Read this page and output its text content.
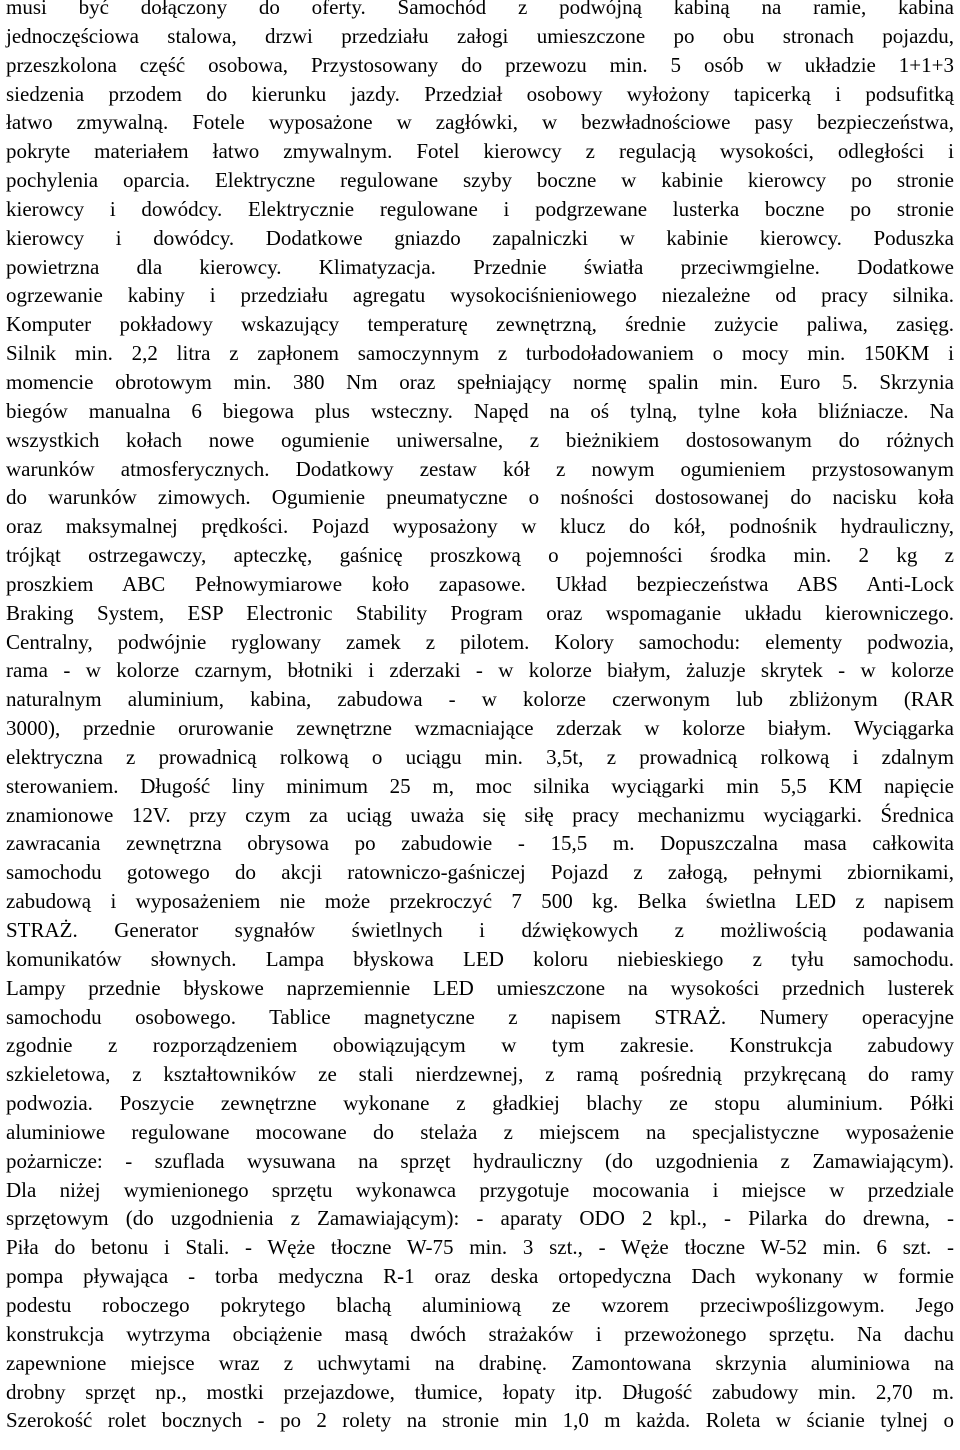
musi być dołączony do oferty. Samochód z podwójną kabiną na ramie, kabina
jednoczęściowa stalowa, drzwi przedziału załogi umieszczone po obu stronach pojazdu,
przeszkolona część osobowa, Przystosowany do przewozu min. 5 osób w układzie 1+1+3
siedzenia przodem do kierunku jazdy. Przedział osobowy wyłożony tapicerką i podsufitką
łatwo zmywalną. Fotele wyposażone w zagłówki, w bezwładnościowe pasy bezpieczeństwa,
pokryte materiałem łatwo zmywalnym. Fotel kierowcy z regulacją wysokości, odległości i
pochylenia oparcia. Elektryczne regulowane szyby boczne w kabinie kierowcy po stronie
kierowcy i dowódcy. Elektrycznie regulowane i podgrzewane lusterka boczne po stronie
kierowcy i dowódcy. Dodatkowe gniazdo zapalniczki w kabinie kierowcy. Poduszka
powietrzna dla kierowcy. Klimatyzacja. Przednie światła przeciwmgielne. Dodatkowe
ogrzewanie kabiny i przedziału agregatu wysokociśnieniowego niezależne od pracy silnika.
Komputer pokładowy wskazujący temperaturę zewnętrzną, średnie zużycie paliwa, zasięg.
Silnik min. 2,2 litra z zapłonem samoczynnym z turbodoładowaniem o mocy min. 150KM i
momencie obrotowym min. 380 Nm oraz spełniający normę spalin min. Euro 5. Skrzynia
biegów manualna 6 biegowa plus wsteczny. Napęd na oś tylną, tylne koła bliźniacze. Na
wszystkich kołach nowe ogumienie uniwersalne, z bieżnikiem dostosowanym do różnych
warunków atmosferycznych. Dodatkowy zestaw kół z nowym ogumieniem przystosowanym
do warunków zimowych. Ogumienie pneumatyczne o nośności dostosowanej do nacisku koła
oraz maksymalnej prędkości. Pojazd wyposażony w klucz do kół, podnośnik hydrauliczny,
trójkąt ostrzegawczy, apteczkę, gaśnicę proszkową o pojemności środka min. 2 kg z
proszkiem ABC Pełnowymiarowe koło zapasowe. Układ bezpieczeństwa ABS Anti-Lock
Braking System, ESP Electronic Stability Program oraz wspomaganie układu kierowniczego.
Centralny, podwójnie ryglowany zamek z pilotem. Kolory samochodu: elementy podwozia,
rama - w kolorze czarnym, błotniki i zderzaki - w kolorze białym, żaluzje skrytek - w kolorze
naturalnym aluminium, kabina, zabudowa - w kolorze czerwonym lub zbliżonym (RAR
3000), przednie orurowanie zewnętrzne wzmacniające zderzak w kolorze białym. Wyciągarka
elektryczna z prowadnicą rolkową o uciągu min. 3,5t, z prowadnicą rolkową i zdalnym
sterowaniem. Długość liny minimum 25 m, moc silnika wyciągarki min 5,5 KM napięcie
znamionowe 12V. przy czym za uciąg uważa się siłę pracy mechanizmu wyciągarki. Średnica
zawracania zewnętrzna obrysowa po zabudowie - 15,5 m. Dopuszczalna masa całkowita
samochodu gotowego do akcji ratowniczo-gaśniczej Pojazd z załogą, pełnymi zbiornikami,
zabudową i wyposażeniem nie może przekroczyć 7 500 kg. Belka świetlna LED z napisem
STRAŻ. Generator sygnałów świetlnych i dźwiękowych z możliwością podawania
komunikatów słownych. Lampa błyskowa LED koloru niebieskiego z tyłu samochodu.
Lampy przednie błyskowe naprzemiennie LED umieszczone na wysokości przednich lusterek
samochodu osobowego. Tablice magnetyczne z napisem STRAŻ. Numery operacyjne
zgodnie z rozporządzeniem obowiązującym w tym zakresie. Konstrukcja zabudowy
szkieletowa, z kształtowników ze stali nierdzewnej, z ramą pośrednią przykręcaną do ramy
podwozia. Poszycie zewnętrzne wykonane z gładkiej blachy ze stopu aluminium. Półki
aluminiowe regulowane mocowane do stelaża z miejscem na specjalistyczne wyposażenie
pożarnicze: - szuflada wysuwana na sprzęt hydrauliczny (do uzgodnienia z Zamawiającym).
Dla niżej wymienionego sprzętu wykonawca przygotuje mocowania i miejsce w przedziale
sprzętowym (do uzgodnienia z Zamawiającym): - aparaty ODO 2 kpl., - Pilarka do drewna, -
Piła do betonu i Stali. - Węże tłoczne W-75 min. 3 szt., - Węże tłoczne W-52 min. 6 szt. -
pompa pływająca - torba medyczna R-1 oraz deska ortopedyczna Dach wykonany w formie
podestu roboczego pokrytego blachą aluminiową ze wzorem przeciwpoślizgowym. Jego
konstrukcja wytrzyma obciążenie masą dwóch strażaków i przewożonego sprzętu. Na dachu
zapewnione miejsce wraz z uchwytami na drabinę. Zamontowana skrzynia aluminiowa na
drobny sprzęt np., mostki przejazdowe, tłumice, łopaty itp. Długość zabudowy min. 2,70 m.
Szerokość rolet bocznych - po 2 rolety na stronie min 1,0 m każda. Roleta w ścianie tylnej o
